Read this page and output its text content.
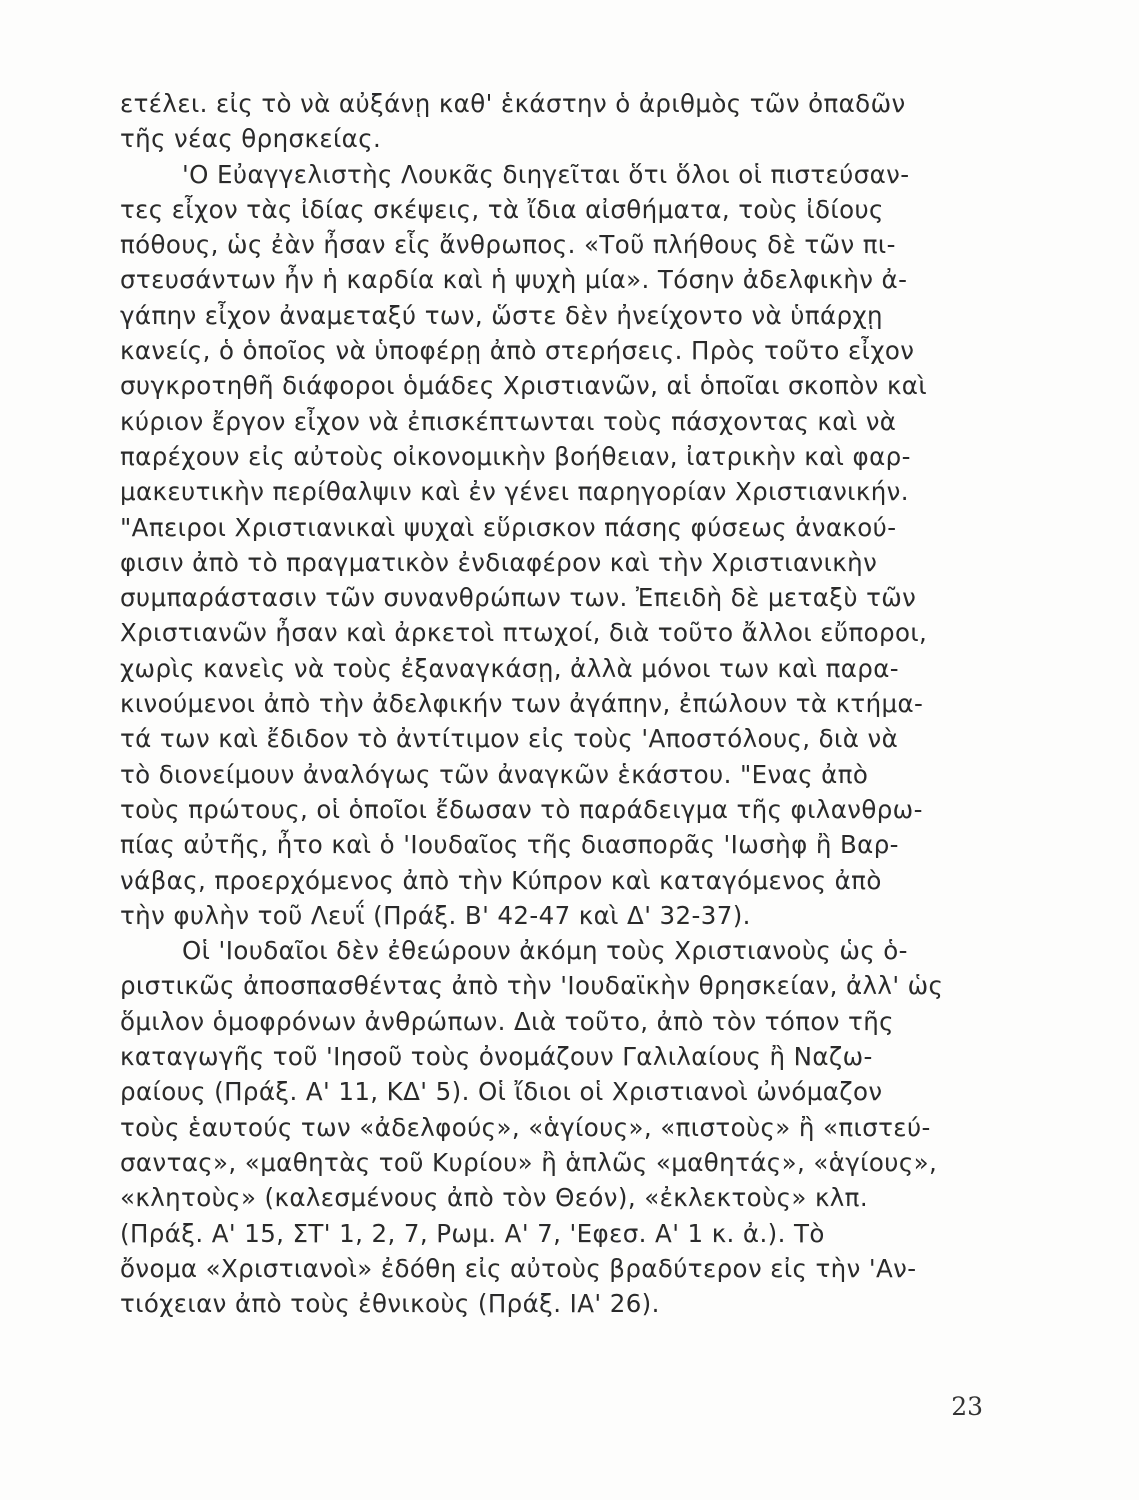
ετέλει. εἰς τὸ νὰ αὐξάνῃ καθ' ἑκάστην ὁ ἀριθμὸς τῶν ὀπαδῶν
τῆς νέας θρησκείας.
'Ο Εὐαγγελιστὴς Λουκᾶς διηγεῖται ὅτι ὅλοι οἱ πιστεύσαν-
τες εἶχον τὰς ἰδίας σκέψεις, τὰ ἴδια αἰσθήματα, τοὺς ἰδίους
πόθους, ὡς ἐὰν ἦσαν εἷς ἄνθρωπος. «Τοῦ πλήθους δὲ τῶν πι-
στευσάντων ἦν ἡ καρδία καὶ ἡ ψυχὴ μία». Τόσην ἀδελφικὴν ἀ-
γάπην εἶχον ἀναμεταξύ των, ὥστε δὲν ἠνείχοντο νὰ ὑπάρχῃ
κανείς, ὁ ὁποῖος νὰ ὑποφέρῃ ἀπὸ στερήσεις. Πρὸς τοῦτο εἶχον
συγκροτηθῆ διάφοροι ὁμάδες Χριστιανῶν, αἱ ὁποῖαι σκοπὸν καὶ
κύριον ἔργον εἶχον νὰ ἐπισκέπτωνται τοὺς πάσχοντας καὶ νὰ
παρέχουν εἰς αὐτοὺς οἰκονομικὴν βοήθειαν, ἰατρικὴν καὶ φαρ-
μακευτικὴν περίθαλψιν καὶ ἐν γένει παρηγορίαν Χριστιανικήν.
"Απειροι Χριστιανικαὶ ψυχαὶ εὕρισκον πάσης φύσεως ἀνακού-
φισιν ἀπὸ τὸ πραγματικὸν ἐνδιαφέρον καὶ τὴν Χριστιανικὴν
συμπαράστασιν τῶν συνανθρώπων των. Ἐπειδὴ δὲ μεταξὺ τῶν
Χριστιανῶν ἦσαν καὶ ἀρκετοὶ πτωχοί, διὰ τοῦτο ἄλλοι εὔποροι,
χωρὶς κανεὶς νὰ τοὺς ἐξαναγκάσῃ, ἀλλὰ μόνοι των καὶ παρα-
κινούμενοι ἀπὸ τὴν ἀδελφικήν των ἀγάπην, ἐπώλουν τὰ κτήμα-
τά των καὶ ἔδιδον τὸ ἀντίτιμον εἰς τοὺς 'Αποστόλους, διὰ νὰ
τὸ διονείμουν ἀναλόγως τῶν ἀναγκῶν ἑκάστου. "Ενας ἀπὸ
τοὺς πρώτους, οἱ ὁποῖοι ἔδωσαν τὸ παράδειγμα τῆς φιλανθρω-
πίας αὐτῆς, ἦτο καὶ ὁ 'Ιουδαῖος τῆς διασπορᾶς 'Ιωσὴφ ἢ Βαρ-
νάβας, προερχόμενος ἀπὸ τὴν Κύπρον καὶ καταγόμενος ἀπὸ
τὴν φυλὴν τοῦ Λευΐ (Πράξ. Β' 42-47 καὶ Δ' 32-37).
Οἱ 'Ιουδαῖοι δὲν ἐθεώρουν ἀκόμη τοὺς Χριστιανοὺς ὡς ὁ-
ριστικῶς ἀποσπασθέντας ἀπὸ τὴν 'Ιουδαϊκὴν θρησκείαν, ἀλλ' ὡς
ὅμιλον ὁμοφρόνων ἀνθρώπων. Διὰ τοῦτο, ἀπὸ τὸν τόπον τῆς
καταγωγῆς τοῦ 'Ιησοῦ τοὺς ὀνομάζουν Γαλιλαίους ἢ Ναζω-
ραίους (Πράξ. Α' 11, ΚΔ' 5). Οἱ ἴδιοι οἱ Χριστιανοὶ ὠνόμαζον
τοὺς ἑαυτούς των «ἀδελφούς», «ἁγίους», «πιστοὺς» ἢ «πιστεύ-
σαντας», «μαθητὰς τοῦ Κυρίου» ἢ ἁπλῶς «μαθητάς», «ἁγίους»,
«κλητοὺς» (καλεσμένους ἀπὸ τὸν Θεόν), «ἐκλεκτοὺς» κλπ.
(Πράξ. Α' 15, ΣΤ' 1, 2, 7, Ρωμ. Α' 7, 'Εφεσ. Α' 1 κ. ἀ.). Τὸ
ὄνομα «Χριστιανοὶ» ἐδόθη εἰς αὐτοὺς βραδύτερον εἰς τὴν 'Αν-
τιόχειαν ἀπὸ τοὺς ἐθνικοὺς (Πράξ. ΙΑ' 26).
23
